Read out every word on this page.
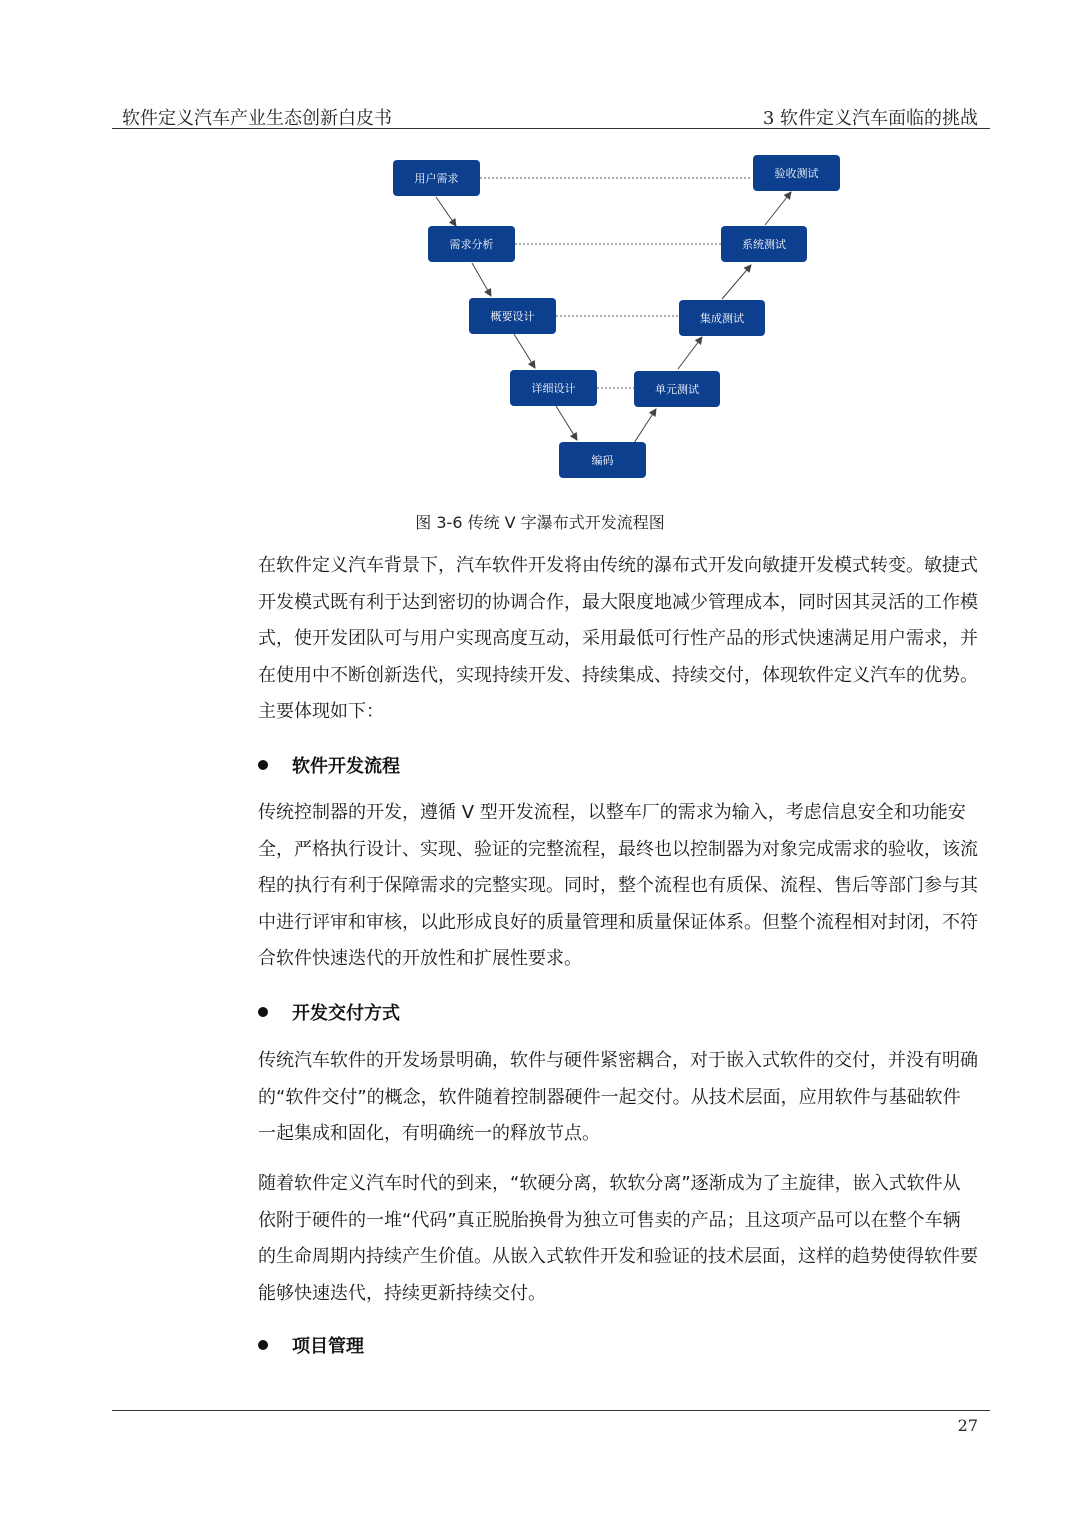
软件定义汽车产业生态创新白皮书	3 软件定义汽车面临的挑战
用户需求
需求分析
概要设计
详细设计
编码
单元测试
集成测试
系统测试
验收测试
图 3-6 传统 V 字瀑布式开发流程图

在软件定义汽车背景下，汽车软件开发将由传统的瀑布式开发向敏捷开发模式转变。敏捷式开发模式既有利于达到密切的协调合作，最大限度地减少管理成本，同时因其灵活的工作模式，使开发团队可与用户实现高度互动，采用最低可行性产品的形式快速满足用户需求，并在使用中不断创新迭代，实现持续开发、持续集成、持续交付，体现软件定义汽车的优势。主要体现如下：

软件开发流程

传统控制器的开发，遵循 V 型开发流程，以整车厂的需求为输入，考虑信息安全和功能安全，严格执行设计、实现、验证的完整流程，最终也以控制器为对象完成需求的验收，该流程的执行有利于保障需求的完整实现。同时，整个流程也有质保、流程、售后等部门参与其中进行评审和审核，以此形成良好的质量管理和质量保证体系。但整个流程相对封闭，不符合软件快速迭代的开放性和扩展性要求。

开发交付方式

传统汽车软件的开发场景明确，软件与硬件紧密耦合，对于嵌入式软件的交付，并没有明确的“软件交付”的概念，软件随着控制器硬件一起交付。从技术层面，应用软件与基础软件一起集成和固化，有明确统一的释放节点。

随着软件定义汽车时代的到来，“软硬分离，软软分离”逐渐成为了主旋律，嵌入式软件从依附于硬件的一堆“代码”真正脱胎换骨为独立可售卖的产品；且这项产品可以在整个车辆的生命周期内持续产生价值。从嵌入式软件开发和验证的技术层面，这样的趋势使得软件要能够快速迭代，持续更新持续交付。

项目管理
27
